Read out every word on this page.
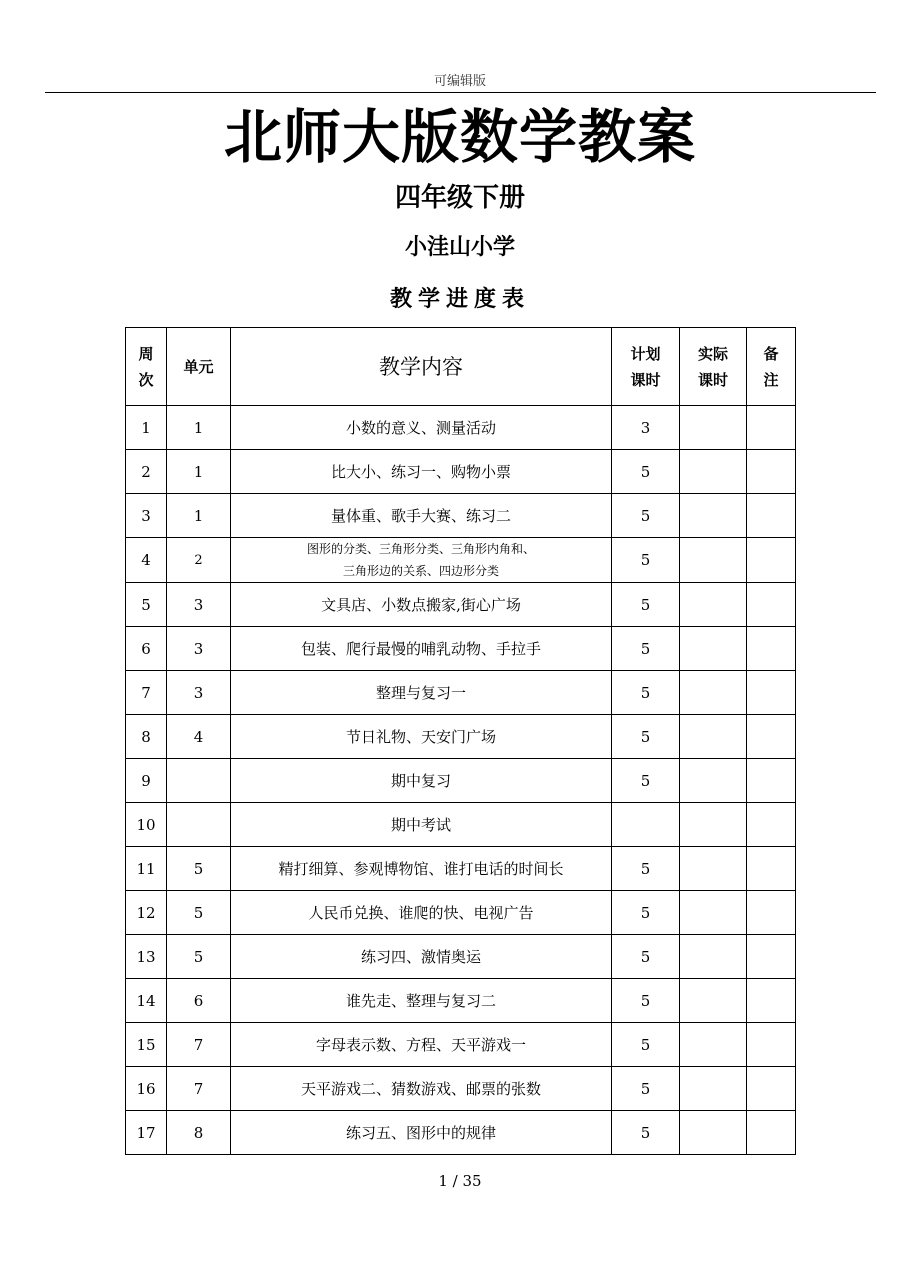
可编辑版
北师大版数学教案
四年级下册
小洼山小学
教学进度表
周次	单元	教学内容	计划课时	实际课时	备注
1	1	小数的意义、测量活动	3		
2	1	比大小、练习一、购物小票	5		
3	1	量体重、歌手大赛、练习二	5		
4	2	图形的分类、三角形分类、三角形内角和、
三角形边的关系、四边形分类	5		
5	3	文具店、小数点搬家,街心广场	5		
6	3	包装、爬行最慢的哺乳动物、手拉手	5		
7	3	整理与复习一	5		
8	4	节日礼物、天安门广场	5		
9		期中复习	5		
10		期中考试			
11	5	精打细算、参观博物馆、谁打电话的时间长	5		
12	5	人民币兑换、谁爬的快、电视广告	5		
13	5	练习四、激情奥运	5		
14	6	谁先走、整理与复习二	5		
15	7	字母表示数、方程、天平游戏一	5		
16	7	天平游戏二、猜数游戏、邮票的张数	5		
17	8	练习五、图形中的规律	5		
1 / 35
